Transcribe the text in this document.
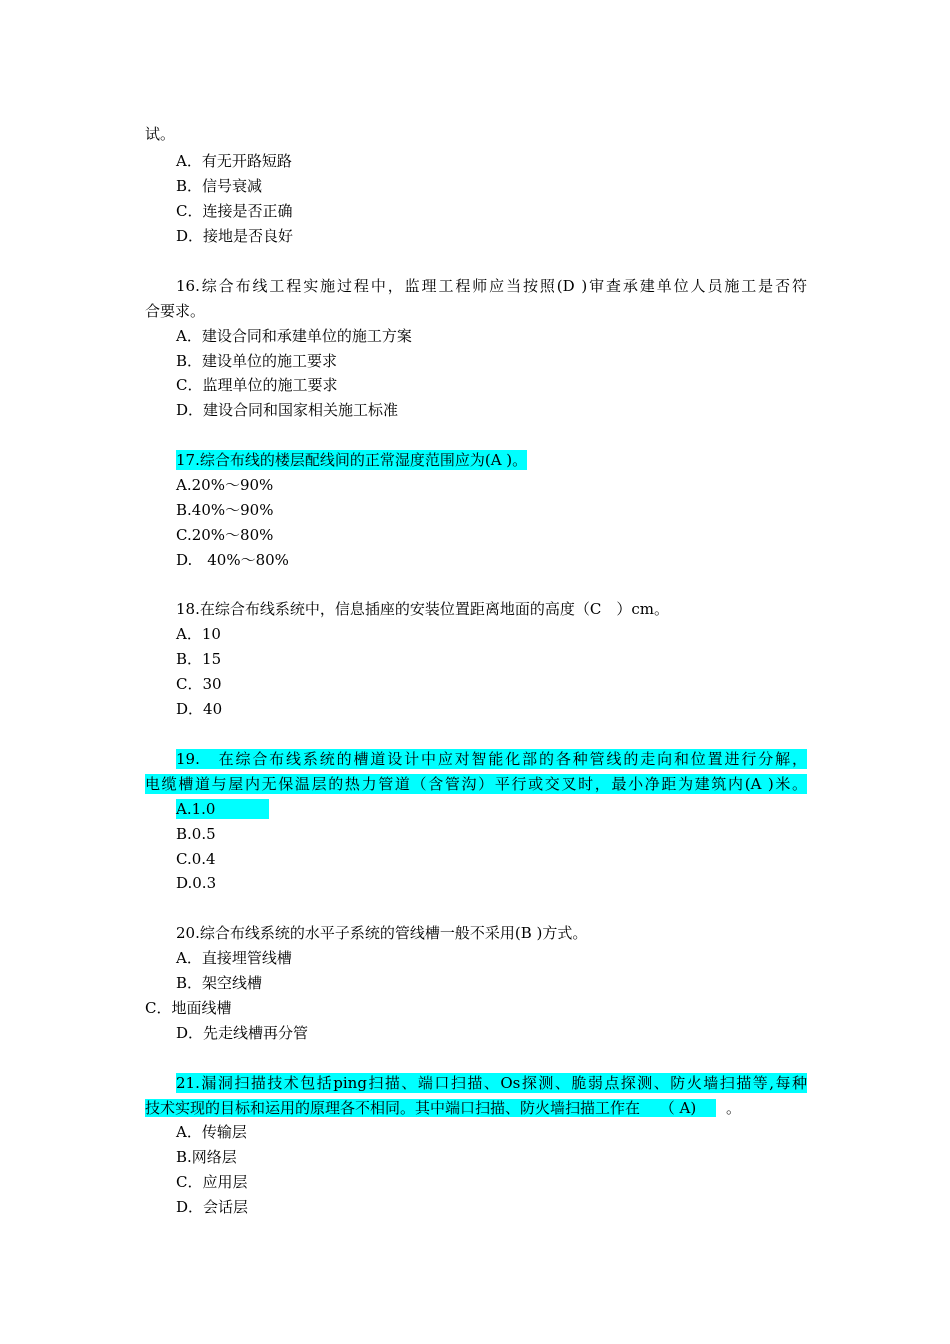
试。
A．有无开路短路
B．信号衰减
C．连接是否正确
D．接地是否良好
16.综合布线工程实施过程中，监理工程师应当按照(D )审查承建单位人员施工是否符
合要求。
A．建设合同和承建单位的施工方案
B．建设单位的施工要求
C．监理单位的施工要求
D．建设合同和国家相关施工标准
17.综合布线的楼层配线间的正常湿度范围应为(A )。
A.20%～90%
B.40%～90%
C.20%～80%
D.　40%～80%
18.在综合布线系统中，信息插座的安装位置距离地面的高度（C　）cm。
A．10
B．15
C．30
D．40
19.　在综合布线系统的槽道设计中应对智能化部的各种管线的走向和位置进行分解，
电缆槽道与屋内无保温层的热力管道（含管沟）平行或交叉时，最小净距为建筑内(A )米。
A.1.0
B.0.5
C.0.4
D.0.3
20.综合布线系统的水平子系统的管线槽一般不采用(B )方式。
A．直接埋管线槽
B．架空线槽
C．地面线槽
D．先走线槽再分管
21.漏洞扫描技术包括ping扫描、端口扫描、Os探测、脆弱点探测、防火墙扫描等,每种
技术实现的目标和运用的原理各不相同。其中端口扫描、防火墙扫描工作在　 （ A)　 。
A．传输层
B.网络层
C．应用层
D．会话层
